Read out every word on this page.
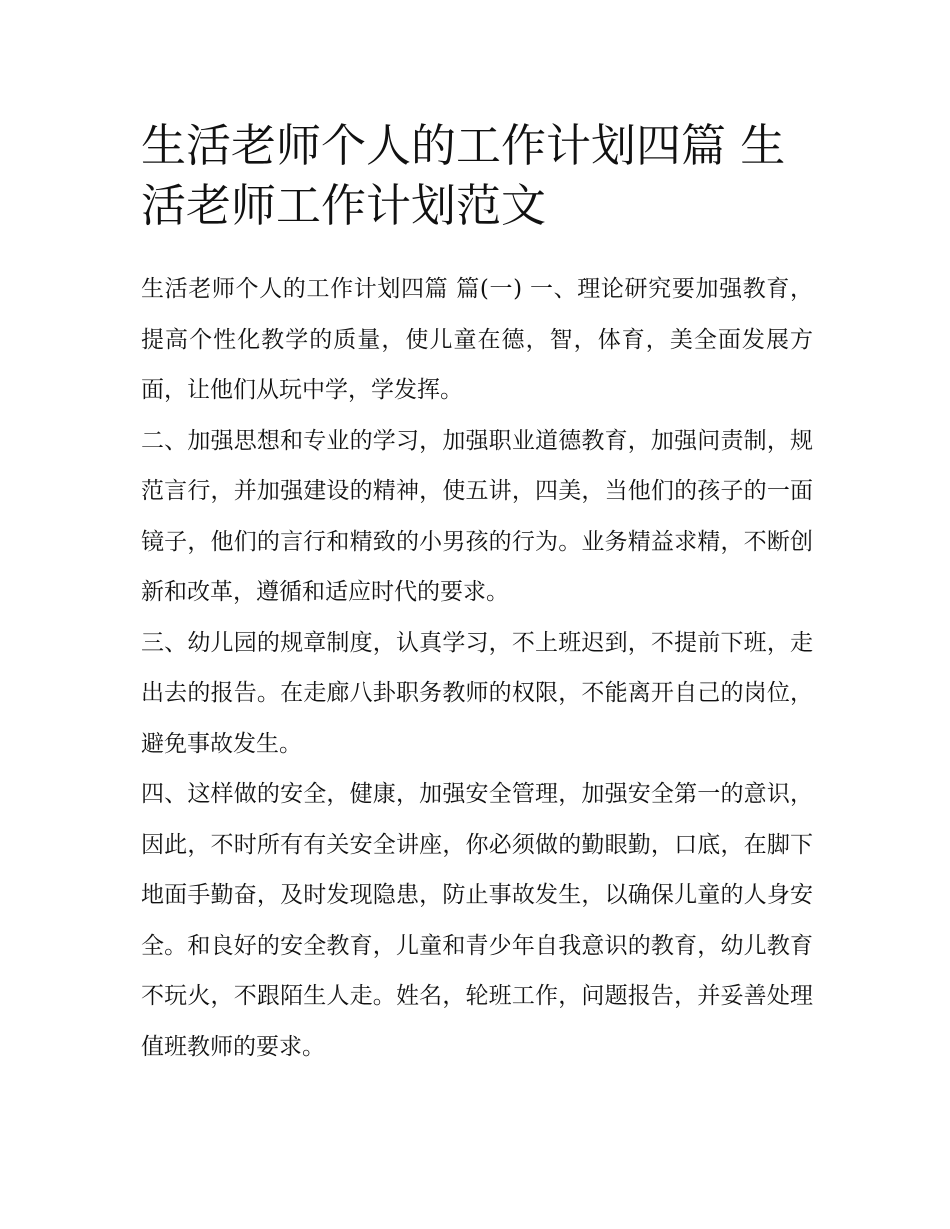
生活老师个人的工作计划四篇 生活老师工作计划范文

生活老师个人的工作计划四篇 篇(一) 一、理论研究要加强教育，提高个性化教学的质量，使儿童在德，智，体育，美全面发展方面，让他们从玩中学，学发挥。

二、加强思想和专业的学习，加强职业道德教育，加强问责制，规范言行，并加强建设的精神，使五讲，四美，当他们的孩子的一面镜子，他们的言行和精致的小男孩的行为。业务精益求精，不断创新和改革，遵循和适应时代的要求。

三、幼儿园的规章制度，认真学习，不上班迟到，不提前下班，走出去的报告。在走廊八卦职务教师的权限，不能离开自己的岗位，避免事故发生。

四、这样做的安全，健康，加强安全管理，加强安全第一的意识，因此，不时所有有关安全讲座，你必须做的勤眼勤，口底，在脚下地面手勤奋，及时发现隐患，防止事故发生，以确保儿童的人身安全。和良好的安全教育，儿童和青少年自我意识的教育，幼儿教育不玩火，不跟陌生人走。姓名，轮班工作，问题报告，并妥善处理值班教师的要求。
